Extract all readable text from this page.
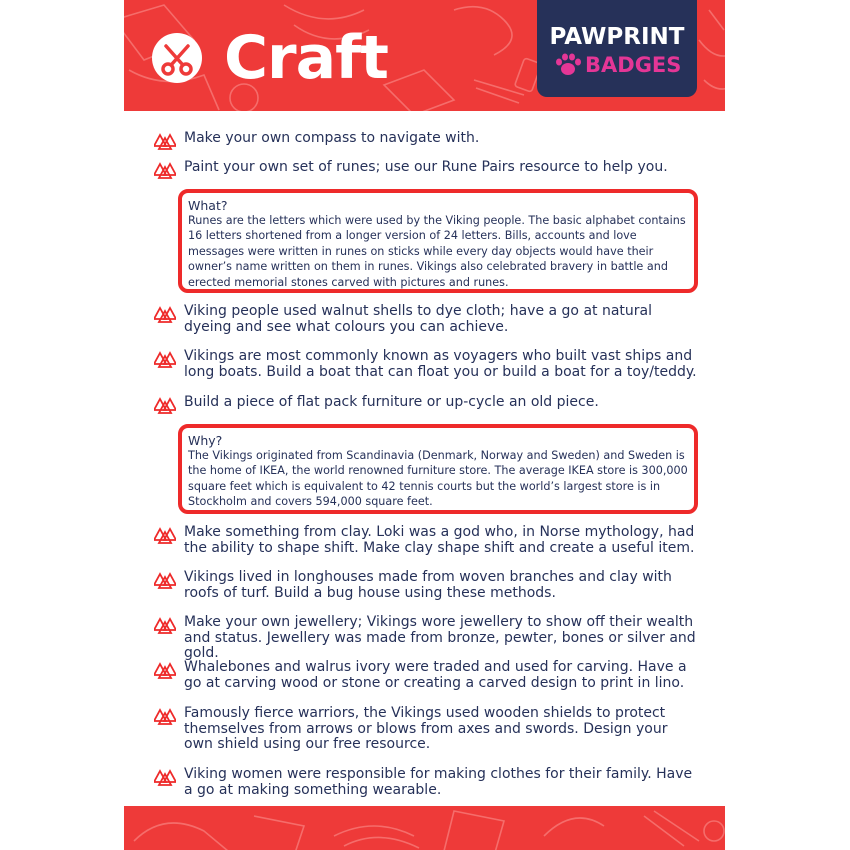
Craft	PAWPRINT
BADGES
Make your own compass to navigate with.
Paint your own set of runes; use our Rune Pairs resource to help you.
What?
Runes are the letters which were used by the Viking people. The basic alphabet contains 16 letters shortened from a longer version of 24 letters. Bills, accounts and love messages were written in runes on sticks while every day objects would have their owner’s name written on them in runes. Vikings also celebrated bravery in battle and erected memorial stones carved with pictures and runes.
Viking people used walnut shells to dye cloth; have a go at natural dyeing and see what colours you can achieve.
Vikings are most commonly known as voyagers who built vast ships and long boats. Build a boat that can float you or build a boat for a toy/teddy.
Build a piece of flat pack furniture or up-cycle an old piece.
Why?
The Vikings originated from Scandinavia (Denmark, Norway and Sweden) and Sweden is the home of IKEA, the world renowned furniture store. The average IKEA store is 300,000 square feet which is equivalent to 42 tennis courts but the world’s largest store is in Stockholm and covers 594,000 square feet.
Make something from clay. Loki was a god who, in Norse mythology, had the ability to shape shift. Make clay shape shift and create a useful item.
Vikings lived in longhouses made from woven branches and clay with roofs of turf. Build a bug house using these methods.
Make your own jewellery; Vikings wore jewellery to show off their wealth and status. Jewellery was made from bronze, pewter, bones or silver and gold.
Whalebones and walrus ivory were traded and used for carving. Have a go at carving wood or stone or creating a carved design to print in lino.
Famously fierce warriors, the Vikings used wooden shields to protect themselves from arrows or blows from axes and swords. Design your own shield using our free resource.
Viking women were responsible for making clothes for their family. Have a go at making something wearable.
